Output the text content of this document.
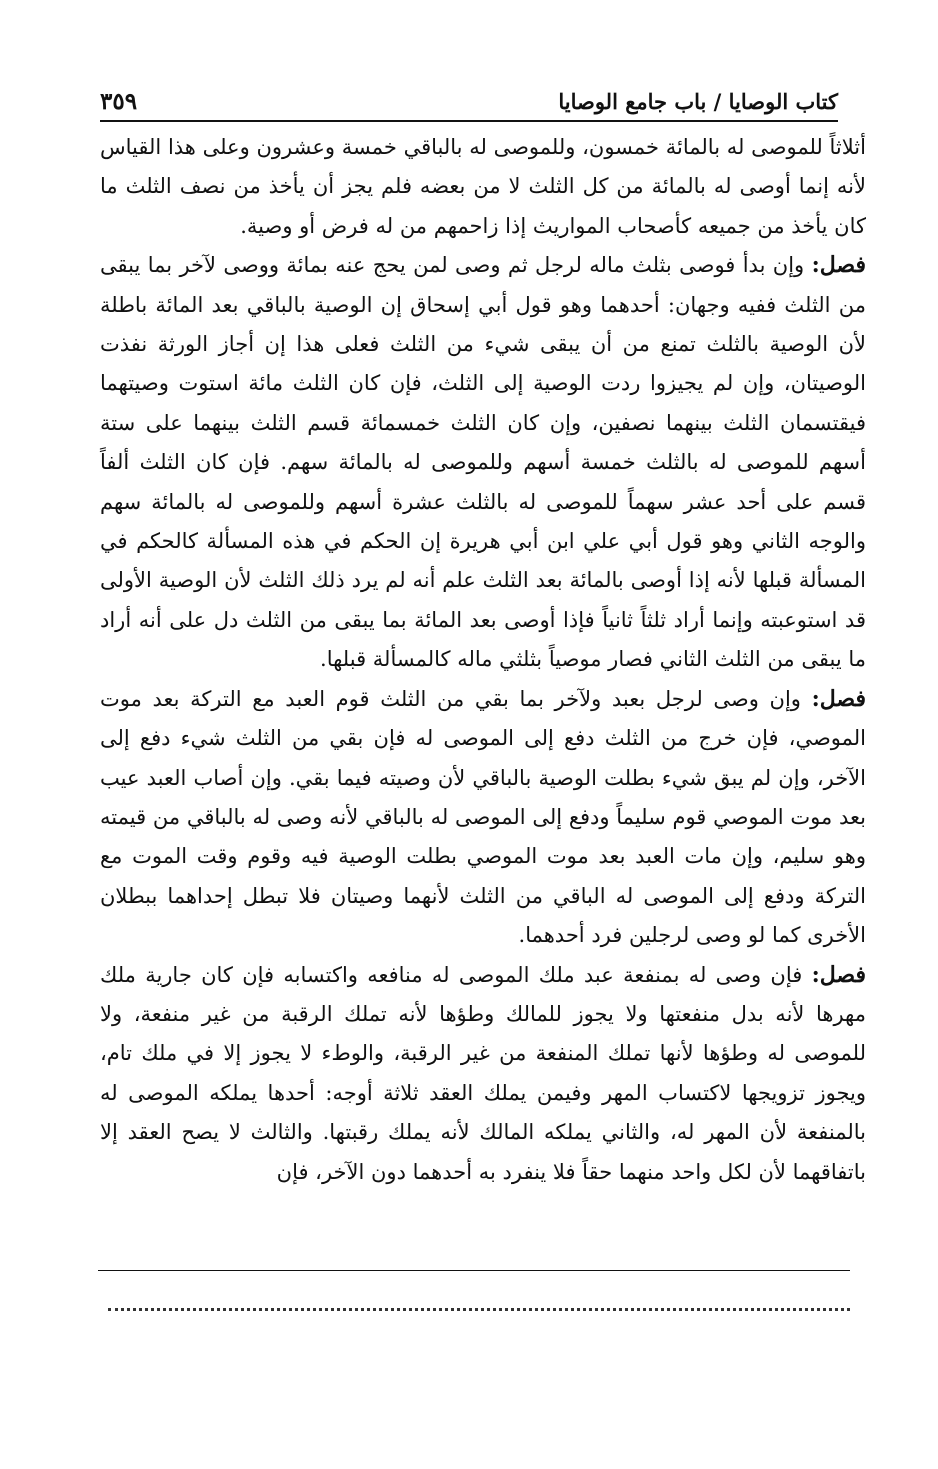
كتاب الوصايا / باب جامع الوصايا
٣٥٩

أثلاثاً للموصى له بالمائة خمسون، وللموصى له بالباقي خمسة وعشرون وعلى هذا القياس لأنه إنما أوصى له بالمائة من كل الثلث لا من بعضه فلم يجز أن يأخذ من نصف الثلث ما كان يأخذ من جميعه كأصحاب المواريث إذا زاحمهم من له فرض أو وصية.

فصل: وإن بدأ فوصى بثلث ماله لرجل ثم وصى لمن يحج عنه بمائة ووصى لآخر بما يبقى من الثلث ففيه وجهان: أحدهما وهو قول أبي إسحاق إن الوصية بالباقي بعد المائة باطلة لأن الوصية بالثلث تمنع من أن يبقى شيء من الثلث فعلى هذا إن أجاز الورثة نفذت الوصيتان، وإن لم يجيزوا ردت الوصية إلى الثلث، فإن كان الثلث مائة استوت وصيتهما فيقتسمان الثلث بينهما نصفين، وإن كان الثلث خمسمائة قسم الثلث بينهما على ستة أسهم للموصى له بالثلث خمسة أسهم وللموصى له بالمائة سهم. فإن كان الثلث ألفاً قسم على أحد عشر سهماً للموصى له بالثلث عشرة أسهم وللموصى له بالمائة سهم والوجه الثاني وهو قول أبي علي ابن أبي هريرة إن الحكم في هذه المسألة كالحكم في المسألة قبلها لأنه إذا أوصى بالمائة بعد الثلث علم أنه لم يرد ذلك الثلث لأن الوصية الأولى قد استوعبته وإنما أراد ثلثاً ثانياً فإذا أوصى بعد المائة بما يبقى من الثلث دل على أنه أراد ما يبقى من الثلث الثاني فصار موصياً بثلثي ماله كالمسألة قبلها.

فصل: وإن وصى لرجل بعبد ولآخر بما بقي من الثلث قوم العبد مع التركة بعد موت الموصي، فإن خرج من الثلث دفع إلى الموصى له فإن بقي من الثلث شيء دفع إلى الآخر، وإن لم يبق شيء بطلت الوصية بالباقي لأن وصيته فيما بقي. وإن أصاب العبد عيب بعد موت الموصي قوم سليماً ودفع إلى الموصى له بالباقي لأنه وصى له بالباقي من قيمته وهو سليم، وإن مات العبد بعد موت الموصي بطلت الوصية فيه وقوم وقت الموت مع التركة ودفع إلى الموصى له الباقي من الثلث لأنهما وصيتان فلا تبطل إحداهما ببطلان الأخرى كما لو وصى لرجلين فرد أحدهما.

فصل: فإن وصى له بمنفعة عبد ملك الموصى له منافعه واكتسابه فإن كان جارية ملك مهرها لأنه بدل منفعتها ولا يجوز للمالك وطؤها لأنه تملك الرقبة من غير منفعة، ولا للموصى له وطؤها لأنها تملك المنفعة من غير الرقبة، والوطء لا يجوز إلا في ملك تام، ويجوز تزويجها لاكتساب المهر وفيمن يملك العقد ثلاثة أوجه: أحدها يملكه الموصى له بالمنفعة لأن المهر له، والثاني يملكه المالك لأنه يملك رقبتها. والثالث لا يصح العقد إلا باتفاقهما لأن لكل واحد منهما حقاً فلا ينفرد به أحدهما دون الآخر، فإن
